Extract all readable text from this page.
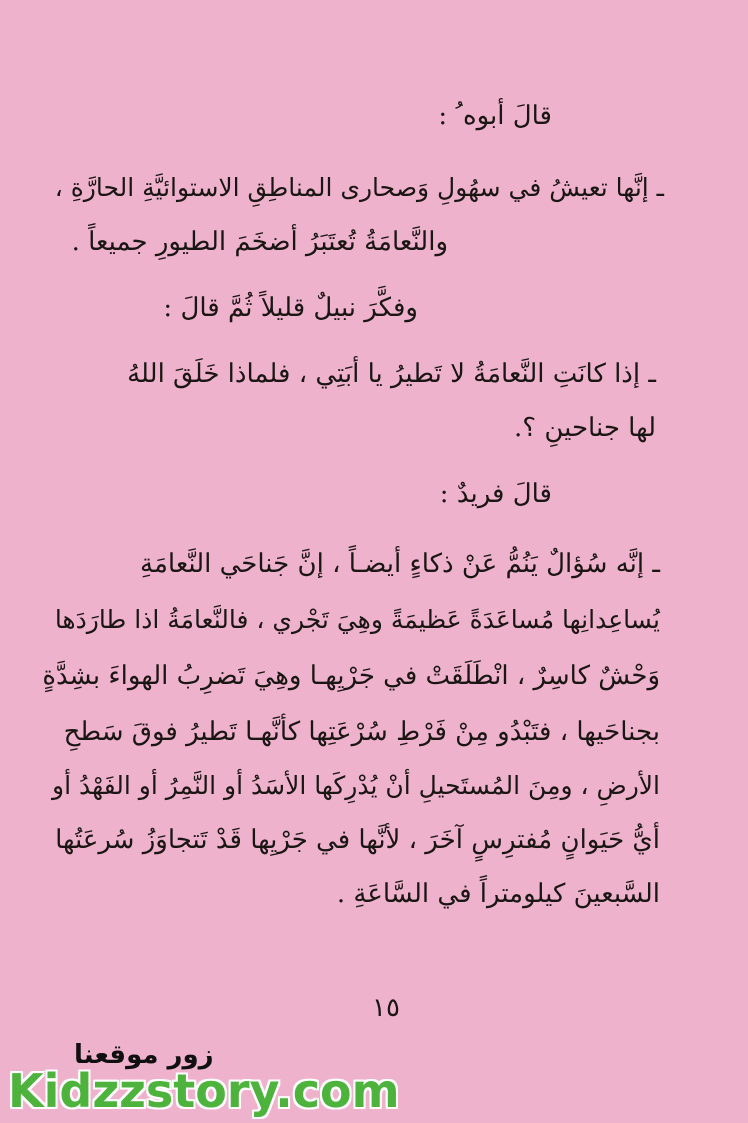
قالَ أبوه ُ :
ـ إنَّها تعيشُ في سهُولِ وَصحارى المناطِقِ الاستوائيَّةِ الحارَّةِ ،
والنَّعامَةُ تُعتَبَرُ أضخَمَ الطيورِ جميعاً .
وفكَّرَ نبيلٌ قليلاً ثُمَّ قالَ :
ـ إذا كانَتِ النَّعامَةُ لا تَطيرُ يا أبَتِي ، فلماذا خَلَقَ اللهُ
لها جناحينِ ؟.
قالَ فريدٌ :
ـ إنَّه سُؤالٌ يَنُمُّ عَنْ ذكاءٍ أيضـاً ، إنَّ جَناحَي النَّعامَةِ
يُساعِدانِها مُساعَدَةً عَظيمَةً وهِيَ تَجْري ، فالنَّعامَةُ اذا طارَدَها
وَحْشٌ كاسِرٌ ، انْطَلَقَتْ في جَرْيِهـا وهِيَ تَضرِبُ الهواءَ بشِدَّةٍ
بجناحَيها ، فتَبْدُو مِنْ فَرْطِ سُرْعَتِها كأنَّهـا تَطيرُ فوقَ سَطحِ
الأرضِ ، ومِنَ المُستَحيلِ أنْ يُدْرِكَها الأسَدُ أو النَّمِرُ أو الفَهْدُ أو
أيُّ حَيَوانٍ مُفترِسٍ آخَرَ ، لأنَّها في جَرْيِها قَدْ تَتجاوَزُ سُرعَتُها
السَّبعينَ كيلومتراً في السَّاعَةِ .
١٥
زور موقعنا
Kidzzstory.com
